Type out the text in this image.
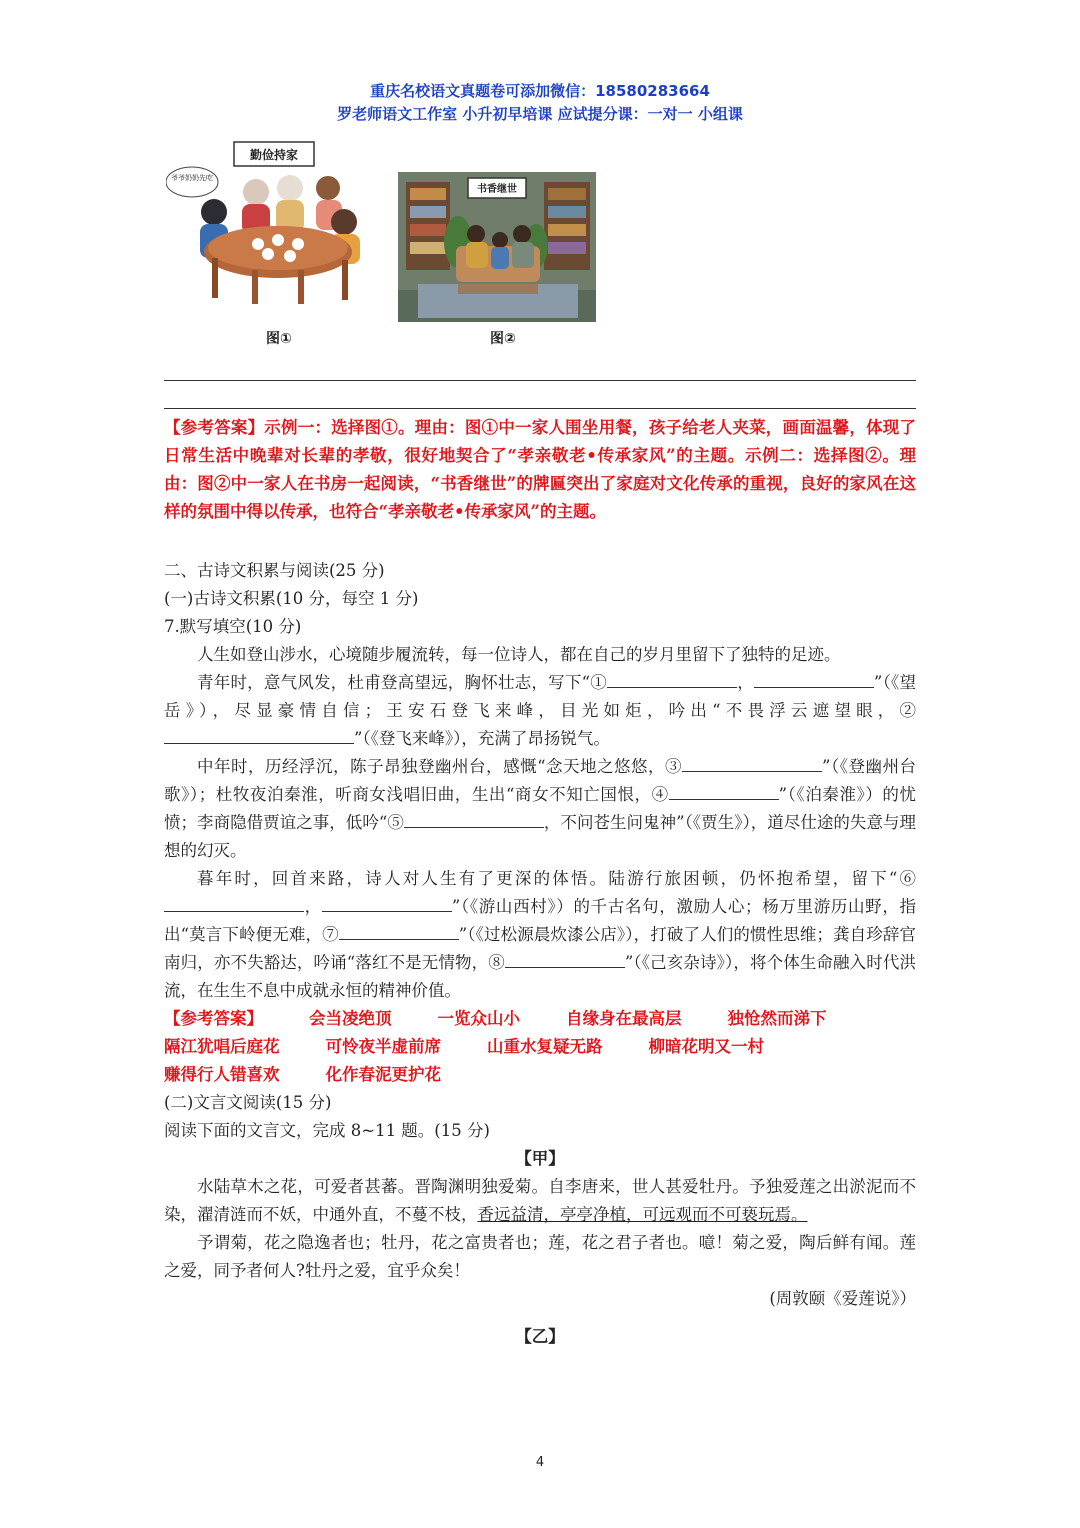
重庆名校语文真题卷可添加微信：18580283664
罗老师语文工作室 小升初早培课 应试提分课：一对一 小组课
勤俭持家
爷爷奶奶先吃
图①
书香继世
图②

【参考答案】示例一：选择图①。理由：图①中一家人围坐用餐，孩子给老人夹菜，画面温馨，体现了日常生活中晚辈对长辈的孝敬，很好地契合了“孝亲敬老•传承家风”的主题。示例二：选择图②。理由：图②中一家人在书房一起阅读，“书香继世”的牌匾突出了家庭对文化传承的重视，良好的家风在这样的氛围中得以传承，也符合“孝亲敬老•传承家风”的主题。

二、古诗文积累与阅读(25 分)

(一)古诗文积累(10 分，每空 1 分)

7.默写填空(10 分)

人生如登山涉水，心境随步履流转，每一位诗人，都在自己的岁月里留下了独特的足迹。

青年时，意气风发，杜甫登高望远，胸怀壮志，写下“①	，	”（《望岳》），尽显豪情自信；王安石登飞来峰，目光如炬，吟出“不畏浮云遮望眼，②”（《登飞来峰》），充满了昂扬锐气。

中年时，历经浮沉，陈子昂独登幽州台，感慨“念天地之悠悠，③	”（《登幽州台歌》）；杜牧夜泊秦淮，听商女浅唱旧曲，生出“商女不知亡国恨，④	”（《泊秦淮》）的忧愤；李商隐借贾谊之事，低吟“⑤	，不问苍生问鬼神”（《贾生》），道尽仕途的失意与理想的幻灭。

暮年时，回首来路，诗人对人生有了更深的体悟。陆游行旅困顿，仍怀抱希望，留下“⑥，	”（《游山西村》）的千古名句，激励人心；杨万里游历山野，指出“莫言下岭便无难，⑦	”（《过松源晨炊漆公店》），打破了人们的惯性思维；龚自珍辞官南归，亦不失豁达，吟诵“落红不是无情物，⑧	”（《己亥杂诗》），将个体生命融入时代洪流，在生生不息中成就永恒的精神价值。

【参考答案】	会当凌绝顶	一览众山小	自缘身在最高层	独怆然而涕下
隔江犹唱后庭花	可怜夜半虚前席	山重水复疑无路	柳暗花明又一村
赚得行人错喜欢	化作春泥更护花

(二)文言文阅读(15 分)

阅读下面的文言文，完成 8~11 题。(15 分)

【甲】

水陆草木之花，可爱者甚蕃。晋陶渊明独爱菊。自李唐来，世人甚爱牡丹。予独爱莲之出淤泥而不染，濯清涟而不妖，中通外直，不蔓不枝，香远益清，亭亭净植，可远观而不可亵玩焉。

予谓菊，花之隐逸者也；牡丹，花之富贵者也；莲，花之君子者也。噫！菊之爱，陶后鲜有闻。莲之爱，同予者何人?牡丹之爱，宜乎众矣！

(周敦颐《爱莲说》）

【乙】

4
